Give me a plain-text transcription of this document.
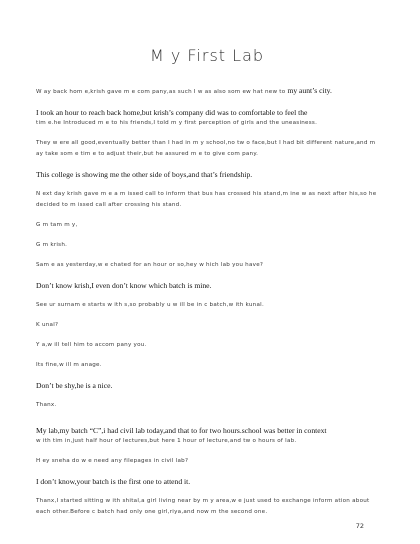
M y First Lab

W ay back hom e,krish gave m e com pany,as such I w as also som ew hat new to my aunt’s city.

I took an hour to reach back home,but krish’s company did was to comfortable to feel the

tim e.he Introduced m e to his friends,I told m y first perception of girls and the uneasiness.

They w ere all good,eventually better than I had in m y school,no tw o face,but I had bit different nature,and m ay take som e tim e to adjust their,but he assured m e to give com pany.

This college is showing me the other side of boys,and that’s friendship.

N ext day krish gave m e a m issed call to inform that bus has crossed his stand,m ine w as next after his,so he decided to m issed call after crossing his stand.

G m tam m y,

G m krish.

Sam e as yesterday,w e chated for an hour or so,hey w hich lab you have?

Don’t know krish,I even don’t know which batch is mine.

See ur surnam e starts w ith s,so probably u w ill be in c batch,w ith kunal.

K unal?

Y a,w ill tell him to accom pany you.

Its fine,w ill m anage.

Don’t be shy,he is a nice.

Thanx.

My lab,my batch “C”,i had civil lab today,and that to for two hours.school was better in context

w ith tim in,just half hour of lectures,but here 1 hour of lecture,and tw o hours of lab.

H ey sneha do w e need any filepages in civil lab?

I don’t know,your batch is the first one to attend it.

Thanx,I started sitting w ith shital,a girl living near by m y area,w e just used to exchange inform ation about each other.Before c batch had only one girl,riya,and now m the second one.

72
